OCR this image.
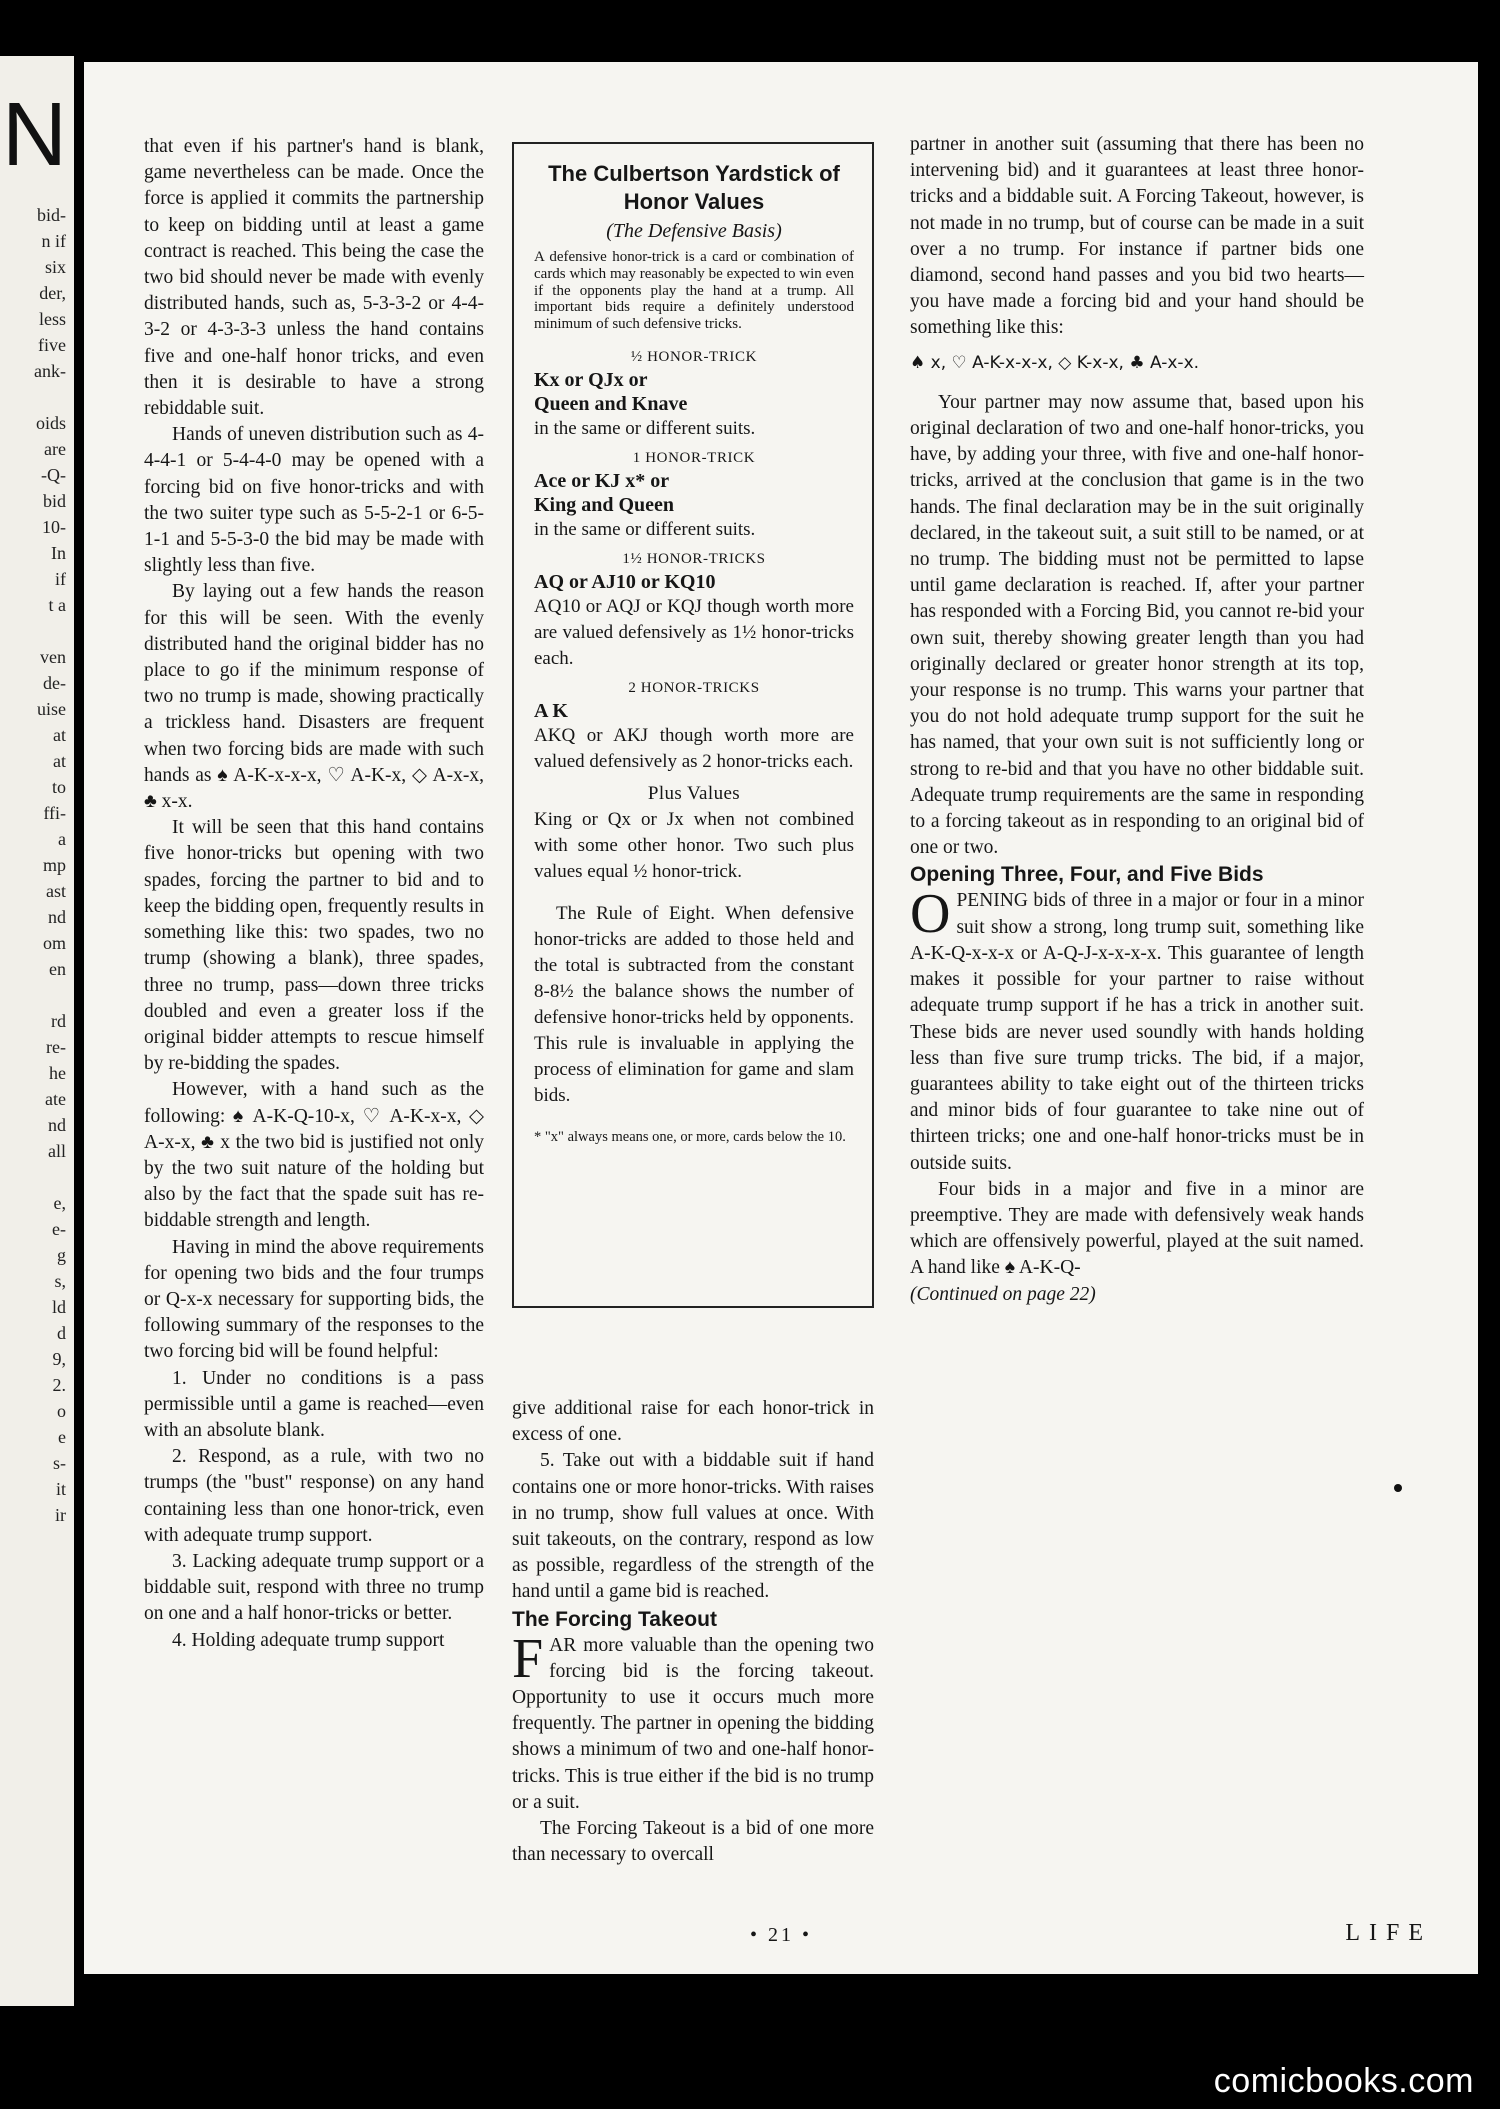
N
bid-
n if
six
der,
less
five
ank-
oids
are
-Q-
bid
10-
In
if
t a
ven
de-
uise
at
at
to
ffi-
a
mp
ast
nd
om
en
rd
re-
he
ate
nd
all
e,
e-
g
s,
ld
d
9,
2.
o
e
s-
it
ir

that even if his partner's hand is blank, game nevertheless can be made. Once the force is applied it commits the partnership to keep on bidding until at least a game contract is reached. This being the case the two bid should never be made with evenly distributed hands, such as, 5-3-3-2 or 4-4-3-2 or 4-3-3-3 unless the hand contains five and one-half honor tricks, and even then it is desirable to have a strong rebiddable suit.

Hands of uneven distribution such as 4-4-4-1 or 5-4-4-0 may be opened with a forcing bid on five honor-tricks and with the two suiter type such as 5-5-2-1 or 6-5-1-1 and 5-5-3-0 the bid may be made with slightly less than five.

By laying out a few hands the reason for this will be seen. With the evenly distributed hand the original bidder has no place to go if the minimum response of two no trump is made, showing practically a trickless hand. Disasters are frequent when two forcing bids are made with such hands as ♠ A-K-x-x-x, ♡ A-K-x, ◇ A-x-x, ♣ x-x.

It will be seen that this hand contains five honor-tricks but opening with two spades, forcing the partner to bid and to keep the bidding open, frequently results in something like this: two spades, two no trump (showing a blank), three spades, three no trump, pass—down three tricks doubled and even a greater loss if the original bidder attempts to rescue himself by re-bidding the spades.

However, with a hand such as the following: ♠ A-K-Q-10-x, ♡ A-K-x-x, ◇ A-x-x, ♣ x the two bid is justified not only by the two suit nature of the holding but also by the fact that the spade suit has re-biddable strength and length.

Having in mind the above requirements for opening two bids and the four trumps or Q-x-x necessary for supporting bids, the following summary of the responses to the two forcing bid will be found helpful:

1. Under no conditions is a pass permissible until a game is reached—even with an absolute blank.

2. Respond, as a rule, with two no trumps (the "bust" response) on any hand containing less than one honor-trick, even with adequate trump support.

3. Lacking adequate trump support or a biddable suit, respond with three no trump on one and a half honor-tricks or better.

4. Holding adequate trump support

The Culbertson Yardstick of Honor Values

(The Defensive Basis)

A defensive honor-trick is a card or combination of cards which may reasonably be expected to win even if the opponents play the hand at a trump. All important bids require a definitely understood minimum of such defensive tricks.

½ HONOR-TRICK

Kx or QJx or

Queen and Knave

in the same or different suits.

1 HONOR-TRICK

Ace or KJ x* or

King and Queen

in the same or different suits.

1½ HONOR-TRICKS

AQ or AJ10 or KQ10

AQ10 or AQJ or KQJ though worth more are valued defensively as 1½ honor-tricks each.

2 HONOR-TRICKS

A K

AKQ or AKJ though worth more are valued defensively as 2 honor-tricks each.

Plus Values

King or Qx or Jx when not combined with some other honor. Two such plus values equal ½ honor-trick.

The Rule of Eight. When defensive honor-tricks are added to those held and the total is subtracted from the constant 8-8½ the balance shows the number of defensive honor-tricks held by opponents. This rule is invaluable in applying the process of elimination for game and slam bids.

* "x" always means one, or more, cards below the 10.

give additional raise for each honor-trick in excess of one.

5. Take out with a biddable suit if hand contains one or more honor-tricks. With raises in no trump, show full values at once. With suit takeouts, on the contrary, respond as low as possible, regardless of the strength of the hand until a game bid is reached.

The Forcing Takeout

FAR more valuable than the opening two forcing bid is the forcing takeout. Opportunity to use it occurs much more frequently. The partner in opening the bidding shows a minimum of two and one-half honor-tricks. This is true either if the bid is no trump or a suit.

The Forcing Takeout is a bid of one more than necessary to overcall

partner in another suit (assuming that there has been no intervening bid) and it guarantees at least three honor-tricks and a biddable suit. A Forcing Takeout, however, is not made in no trump, but of course can be made in a suit over a no trump. For instance if partner bids one diamond, second hand passes and you bid two hearts—you have made a forcing bid and your hand should be something like this:

♠ x, ♡ A-K-x-x-x, ◇ K-x-x, ♣ A-x-x.

Your partner may now assume that, based upon his original declaration of two and one-half honor-tricks, you have, by adding your three, with five and one-half honor-tricks, arrived at the conclusion that game is in the two hands. The final declaration may be in the suit originally declared, in the takeout suit, a suit still to be named, or at no trump. The bidding must not be permitted to lapse until game declaration is reached. If, after your partner has responded with a Forcing Bid, you cannot re-bid your own suit, thereby showing greater length than you had originally declared or greater honor strength at its top, your response is no trump. This warns your partner that you do not hold adequate trump support for the suit he has named, that your own suit is not sufficiently long or strong to re-bid and that you have no other biddable suit. Adequate trump requirements are the same in responding to a forcing takeout as in responding to an original bid of one or two.

Opening Three, Four, and Five Bids

OPENING bids of three in a major or four in a minor suit show a strong, long trump suit, something like A-K-Q-x-x-x or A-Q-J-x-x-x-x. This guarantee of length makes it possible for your partner to raise without adequate trump support if he has a trick in another suit. These bids are never used soundly with hands holding less than five sure trump tricks. The bid, if a major, guarantees ability to take eight out of the thirteen tricks and minor bids of four guarantee to take nine out of thirteen tricks; one and one-half honor-tricks must be in outside suits.

Four bids in a major and five in a minor are preemptive. They are made with defensively weak hands which are offensively powerful, played at the suit named. A hand like ♠ A-K-Q-

(Continued on page 22)

• 21 •	LIFE
comicbooks.com
